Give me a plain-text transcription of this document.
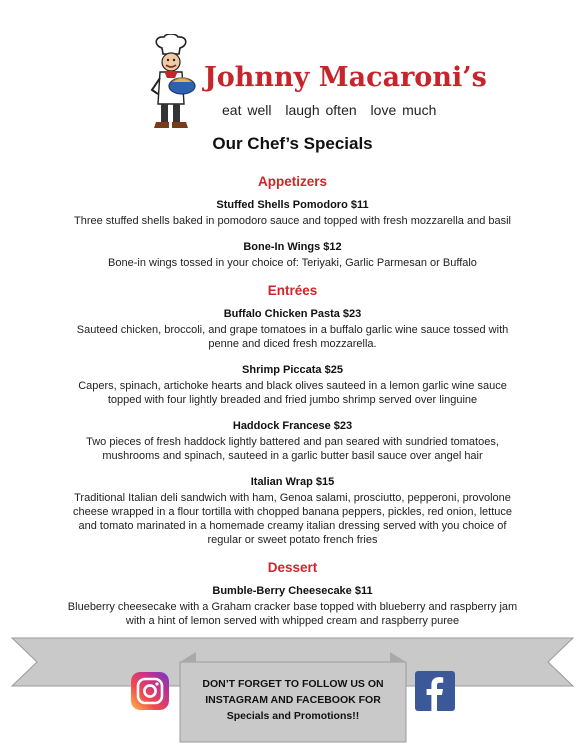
Johnny Macaroni’s
eat well laugh often love much
Our Chef’s Specials
Appetizers
Stuffed Shells Pomodoro $11
Three stuffed shells baked in pomodoro sauce and topped with fresh mozzarella and basil
Bone-In Wings $12
Bone-in wings tossed in your choice of: Teriyaki, Garlic Parmesan or Buffalo
Entrées
Buffalo Chicken Pasta $23
Sauteed chicken, broccoli, and grape tomatoes in a buffalo garlic wine sauce tossed with penne and diced fresh mozzarella.
Shrimp Piccata $25
Capers, spinach, artichoke hearts and black olives sauteed in a lemon garlic wine sauce topped with four lightly breaded and fried jumbo shrimp served over linguine
Haddock Francese $23
Two pieces of fresh haddock lightly battered and pan seared with sundried tomatoes, mushrooms and spinach, sauteed in a garlic butter basil sauce over angel hair
Italian Wrap $15
Traditional Italian deli sandwich with ham, Genoa salami, prosciutto, pepperoni, provolone cheese wrapped in a flour tortilla with chopped banana peppers, pickles, red onion, lettuce and tomato marinated in a homemade creamy italian dressing served with you choice of regular or sweet potato french fries
Dessert
Bumble-Berry Cheesecake $11
Blueberry cheesecake with a Graham cracker base topped with blueberry and raspberry jam with a hint of lemon served with whipped cream and raspberry puree
DON’T FORGET TO FOLLOW US ON
INSTAGRAM AND FACEBOOK FOR
Specials and Promotions!!
